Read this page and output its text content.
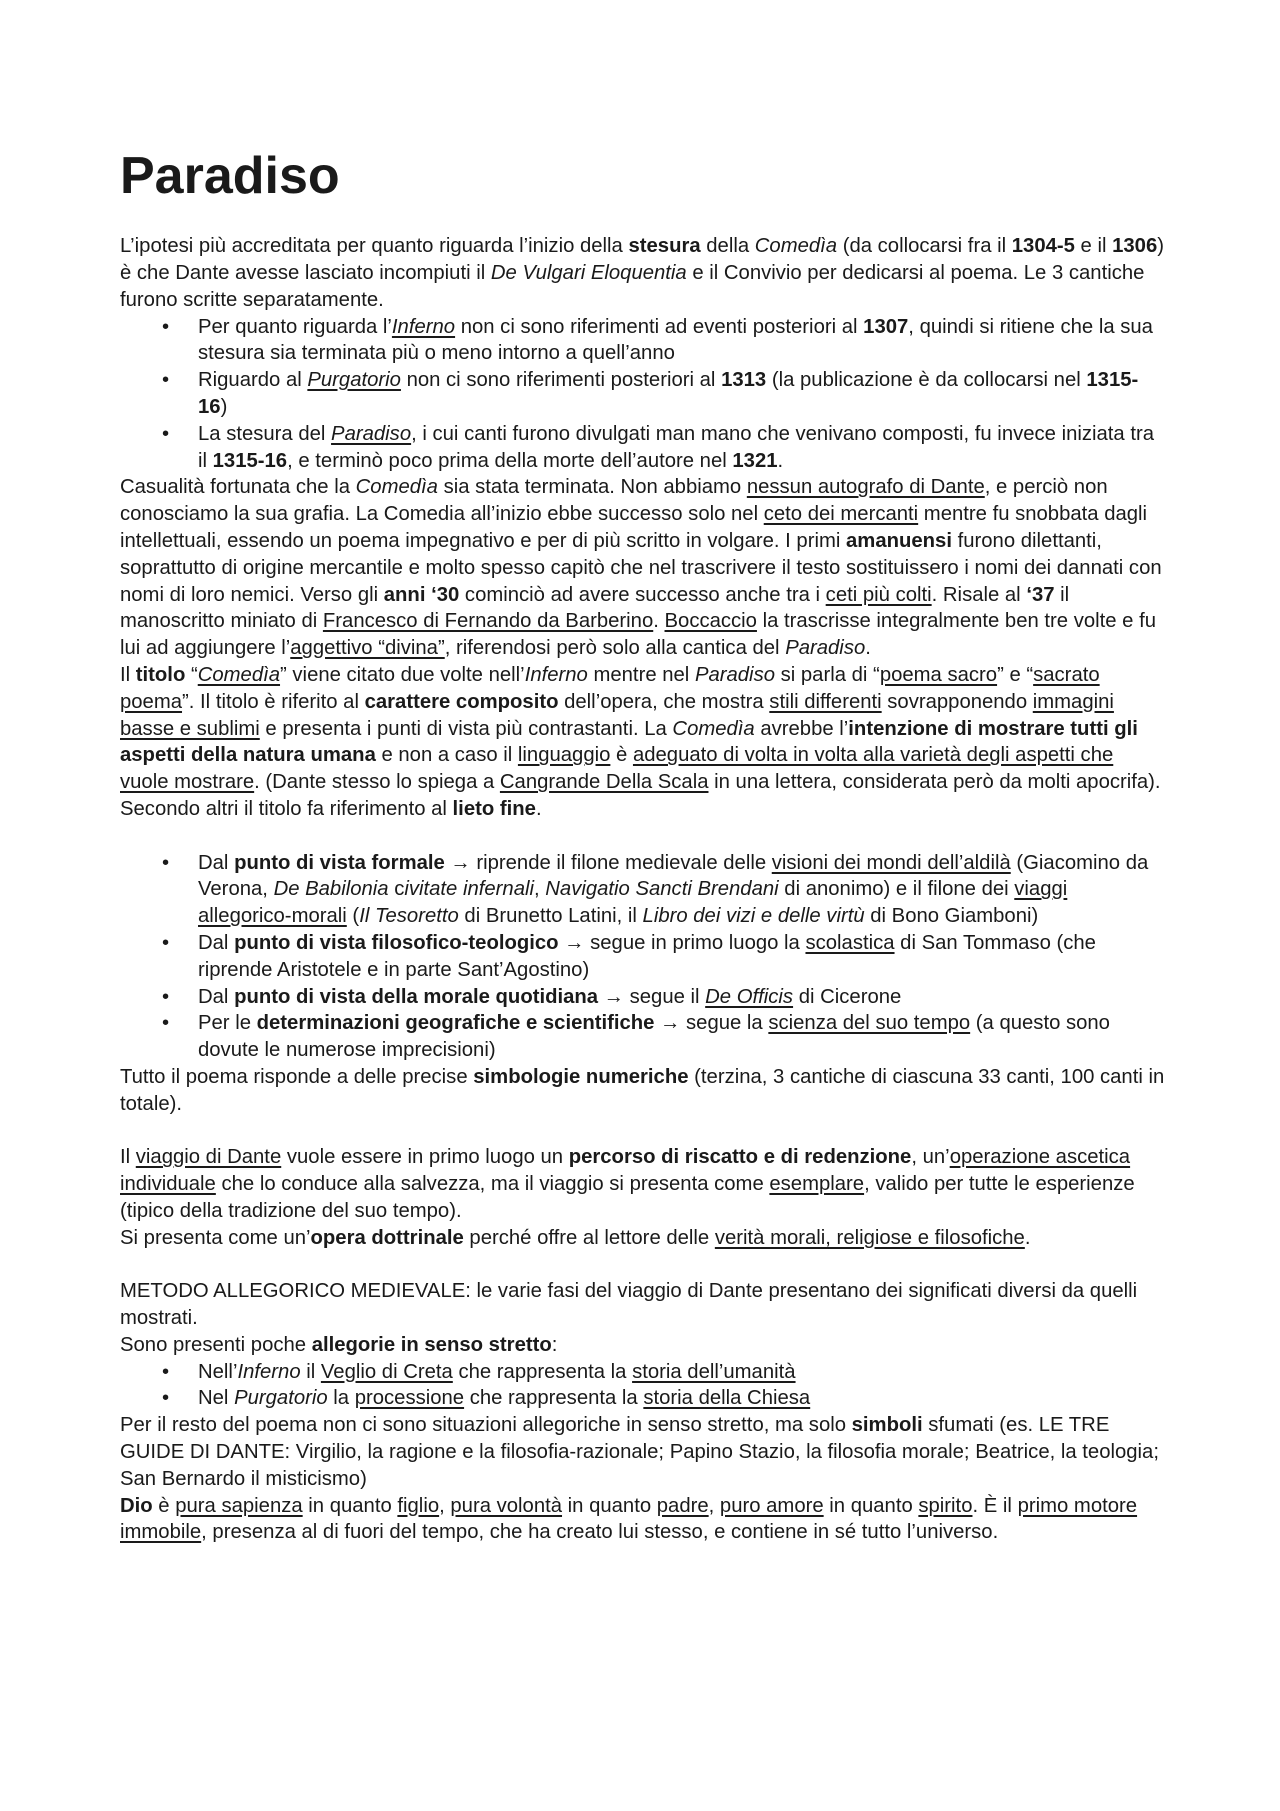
Paradiso

L’ipotesi più accreditata per quanto riguarda l’inizio della stesura della Comedìa (da collocarsi fra il 1304-5 e il 1306) è che Dante avesse lasciato incompiuti il De Vulgari Eloquentia e il Convivio per dedicarsi al poema. Le 3 cantiche furono scritte separatamente.

• Per quanto riguarda l’Inferno non ci sono riferimenti ad eventi posteriori al 1307, quindi si ritiene che la sua stesura sia terminata più o meno intorno a quell’anno
• Riguardo al Purgatorio non ci sono riferimenti posteriori al 1313 (la publicazione è da collocarsi nel 1315-16)
• La stesura del Paradiso, i cui canti furono divulgati man mano che venivano composti, fu invece iniziata tra il 1315-16, e terminò poco prima della morte dell’autore nel 1321.

Casualità fortunata che la Comedìa sia stata terminata. Non abbiamo nessun autografo di Dante, e perciò non conosciamo la sua grafia. La Comedia all’inizio ebbe successo solo nel ceto dei mercanti mentre fu snobbata dagli intellettuali, essendo un poema impegnativo e per di più scritto in volgare. I primi amanuensi furono dilettanti, soprattutto di origine mercantile e molto spesso capitò che nel trascrivere il testo sostituissero i nomi dei dannati con nomi di loro nemici. Verso gli anni ‘30 cominciò ad avere successo anche tra i ceti più colti. Risale al ‘37 il manoscritto miniato di Francesco di Fernando da Barberino. Boccaccio la trascrisse integralmente ben tre volte e fu lui ad aggiungere l’aggettivo “divina”, riferendosi però solo alla cantica del Paradiso.

Il titolo “Comedìa” viene citato due volte nell’Inferno mentre nel Paradiso si parla di “poema sacro” e “sacrato poema”. Il titolo è riferito al carattere composito dell’opera, che mostra stili differenti sovrapponendo immagini basse e sublimi e presenta i punti di vista più contrastanti. La Comedìa avrebbe l’intenzione di mostrare tutti gli aspetti della natura umana e non a caso il linguaggio è adeguato di volta in volta alla varietà degli aspetti che vuole mostrare. (Dante stesso lo spiega a Cangrande Della Scala in una lettera, considerata però da molti apocrifa). Secondo altri il titolo fa riferimento al lieto fine.

• Dal punto di vista formale → riprende il filone medievale delle visioni dei mondi dell’aldilà (Giacomino da Verona, De Babilonia civitate infernali, Navigatio Sancti Brendani di anonimo) e il filone dei viaggi allegorico-morali (Il Tesoretto di Brunetto Latini, il Libro dei vizi e delle virtù di Bono Giamboni)
• Dal punto di vista filosofico-teologico → segue in primo luogo la scolastica di San Tommaso (che riprende Aristotele e in parte Sant’Agostino)
• Dal punto di vista della morale quotidiana → segue il De Officis di Cicerone
• Per le determinazioni geografiche e scientifiche → segue la scienza del suo tempo (a questo sono dovute le numerose imprecisioni)

Tutto il poema risponde a delle precise simbologie numeriche (terzina, 3 cantiche di ciascuna 33 canti, 100 canti in totale).

Il viaggio di Dante vuole essere in primo luogo un percorso di riscatto e di redenzione, un’operazione ascetica individuale che lo conduce alla salvezza, ma il viaggio si presenta come esemplare, valido per tutte le esperienze (tipico della tradizione del suo tempo).

Si presenta come un’opera dottrinale perché offre al lettore delle verità morali, religiose e filosofiche.

METODO ALLEGORICO MEDIEVALE: le varie fasi del viaggio di Dante presentano dei significati diversi da quelli mostrati.

Sono presenti poche allegorie in senso stretto:

• Nell’Inferno il Veglio di Creta che rappresenta la storia dell’umanità
• Nel Purgatorio la processione che rappresenta la storia della Chiesa

Per il resto del poema non ci sono situazioni allegoriche in senso stretto, ma solo simboli sfumati (es. LE TRE GUIDE DI DANTE: Virgilio, la ragione e la filosofia-razionale; Papino Stazio, la filosofia morale; Beatrice, la teologia; San Bernardo il misticismo)

Dio è pura sapienza in quanto figlio, pura volontà in quanto padre, puro amore in quanto spirito. È il primo motore immobile, presenza al di fuori del tempo, che ha creato lui stesso, e contiene in sé tutto l’universo.
